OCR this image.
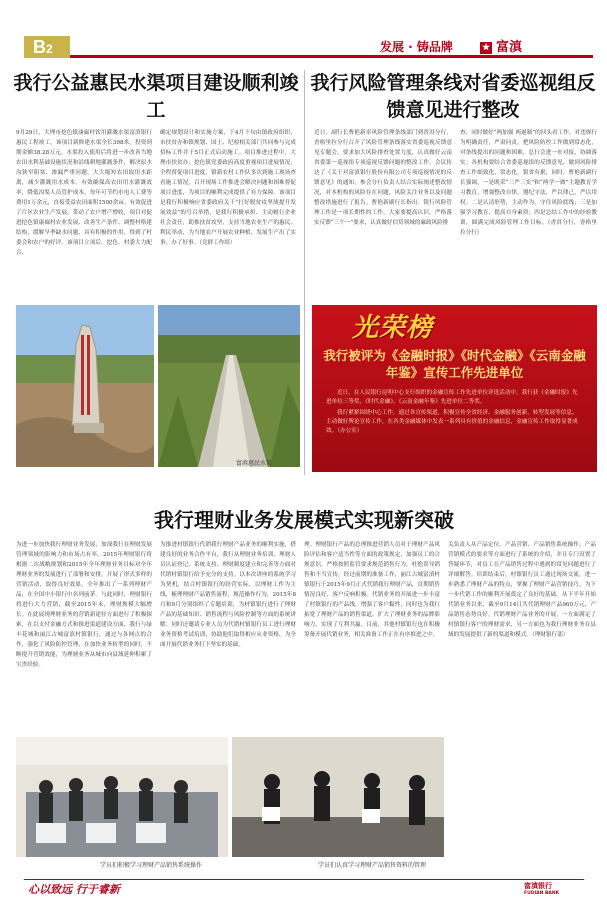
B2	发展 · 铸品牌	★ 富滇
我行公益惠民水渠项目建设顺利竣工
9月29日，大理市挖色镇康廊村饮用灌溉水渠富滇银行惠民工程竣工，该项目新修建水渠全长398米，投资到期金额38.28万元。水渠投入使用后将进一步改善当地农田水利基础设施状况和沿线耕地灌溉条件，解决原水沟狭窄阻塞、渗漏严重问题，大大缩短农田取用水距离，减少灌溉用水成本。有效确保高农田用水灌溉效率，降低沟渠人员管护成本，每年可节约水电人工费等费用1万余元，直接受益农田面积1500余亩。有效促进了片区农业生产发展，带动了农户增产增收，项目对促进挖色镇康廊村农业发展、改善生产条件、调整村格建结构，缓解旱季缺水问题，具有积极的作用，得到了村委会和农户的好评。该项目立项后，挖色、村委大力配合、
确定规划设计和实施方案，于4月下旬由镇政府组织，市扶贫办和镇规划、国土、纪检相关部门共同参与完成招标工作并于5月正式启动施工。项目推进过程中，大理市扶贫办、挖色镇党委政府高度重视项目进展情况，全程督促项目进度，镇新农村工作队多次到施工现场查看施工情况，召开现场工作推进会解决问题和困难督促项目进度，为项目的顺利完成提供了有力保障。该项目是我行积极响应省委政府关于“打好脱贫攻坚战提升发展效益”的号召举措，是我行积极承担、主动履行企业社会责任，助推扶贫攻坚，支持当地农业生产的惠民、利民举动，为当地农户开展农业种植、发展生产出了实事、办了好事。（竞群工作组）
富滇惠民水渠
我行风险管理条线对省委巡视组反馈意见进行整改
近日，副行长曹艳新率风险管理条线部门到普洱分行，香格里拉分行召开了风险管理条线落实省委巡视反馈意见专题会，要求加大风险排查处置力度，认真做好云南省委第一巡视组专项巡视反馈问题的整改工作。会议传达了《关于对富滇银行股份有限公司专项巡视情况的反馈意见》的通知，参会分行负责人结合实际阐述整改情况，对本机构的风险存在问题，风险关注业务以及问题整改措施进行了报告。曹艳新副行长指出：银行风险管理工作是一项长期性的工作，大家要提高认识，严格落实反馈“三个一”要求，认真做好信贷领域的廉政风险排
查，同时做好“两加强 两遏制”的回头看工作，对违规行为明确责任，严肃问责，把风险防控工作做到常态化，对条线提出的问题和困难，总行会进一步对接，协调落实；各机构要结合省委巡视组的反馈意见，做到风险排查工作细致化，常态化，银省有据，同时，曹艳新副行长强调，一是既采“三严三实”和“两学一做”主题教育学习教育，增强整改自律，遵纪守法，严以律己，严以用权；二是认清形势，主动作为，守住风险底线；三是加强学习教育，提高自身素质；四是总结工作中的经验教训，圆满完成风险管理工作目标。（香洱分行，香格里拉分行）
光荣榜
我行被评为《金融时报》《时代金融》《云南金融年鉴》宣传工作先进单位

近日，在人民银行昆明中心支行组织的金融宣传工作先进单位评选活动中，我行获《金融时报》先进单位三等奖，《时代金融》、《云南金融年鉴》先进单位二等奖。

我行紧紧围绕中心工作，通过各宣传渠道，积极宣传全省经济、金融服务创新、转型发展等信息，主动做好舆论宣传工作，在各类金融媒体中发表一系列具有价值的金融信息，金融宣传工作取得显著成效。（办公室）

我行理财业务发展模式实现新突破
为进一步加快我行理财业务发展，加深我行在理财发展管理领域的影响力和市场占有率，2015年理财银行将根据二次战略规划和2015年全年理财业务目标对全年理财业务的发展进行了部署和安排，开展了形式多样的营销活动，取得良好效果。全年推出了一系列理财产品，在全国中小银行中名列前茅。与此同时，理财银行将进行大力营销，截至2015年末，理财规模大幅增长。在此展现理财业务的营销新途径方面进行了积极探索，在以支付金融方式和推进渠道建设方面，我行与绿丰花城和丽江古城富滇村镇银行，通过与各网点的合作，强化了风险防控管理，在加快业务转型的同时，不断提升营销效能，为理财业务从城市向县域延伸积累了宝贵经验。
为推进村镇银行代销我行理财产品业务的顺利实施，搭建良好的业务合作平台，我行从理财业务培训、理财人员认证登记、系统支持、理财制度建立和完善等方面对代销村镇银行给予充分的支持。以本次讲座的系统学习为契机，结合村镇银行的经营实际，以理财工作为主线，梳理理财产品销售流程，规范操作行为，2015年8月和9月分别组织了专题培训，为村镇银行进行了理财产品的基础知识、销售流程与风险控制等方面的系统讲解。同时还邀请专业人员为代销村镇银行员工进行理财业务资格考试培训，协助他们取得相应从业资格，为全面开展代销业务打下坚实的基础。
理。理财银行产品的总理推进营销人员对于理财产品风险评估和客户适当性等方面的政策规定，加强员工的合规意识，严格按照监管要求规范销售行为，杜绝误导销售和不当宣传。经过前期的准备工作，丽江古城富滇村镇银行于2015年9月正式代销我行理财产品，首期销售情况良好，客户反响积极。代销业务的开展进一步丰富了村镇银行的产品线，增强了客户黏性，同时也为我行拓宽了理财产品的销售渠道，扩大了理财业务的品牌影响力，实现了互利共赢。目前，其他村镇银行也在积极筹备开展代销业务，相关准备工作正在有序推进之中。
关负责人从产品定位、产品营销、产品销售系统操作、产品营销模式的要求等方面进行了系统的介绍，并且专门设置了答疑环节，对员工在产品销售过程中遇到的常见问题进行了详细解答。培训结束后，村镇银行员工通过现场交流，进一步熟悉了理财产品的特点，掌握了理财产品营销技巧，为下一步代销工作的顺利开展奠定了良好的基础。从下半年开始代销业务以来，截至9月14日共代销理财产品960万元，产品销售态势良好。代销理财产品业务的开展，一方面满足了村镇银行客户的理财需求，另一方面也为我行理财业务在县域的发展提供了新的渠道和模式。（理财银行部）
学员们积极学习理财产品销售系统操作	学员们认真学习理财产品销售资料的管理
心以致远 行于睿新	富滇银行
FUDIAN BANK
